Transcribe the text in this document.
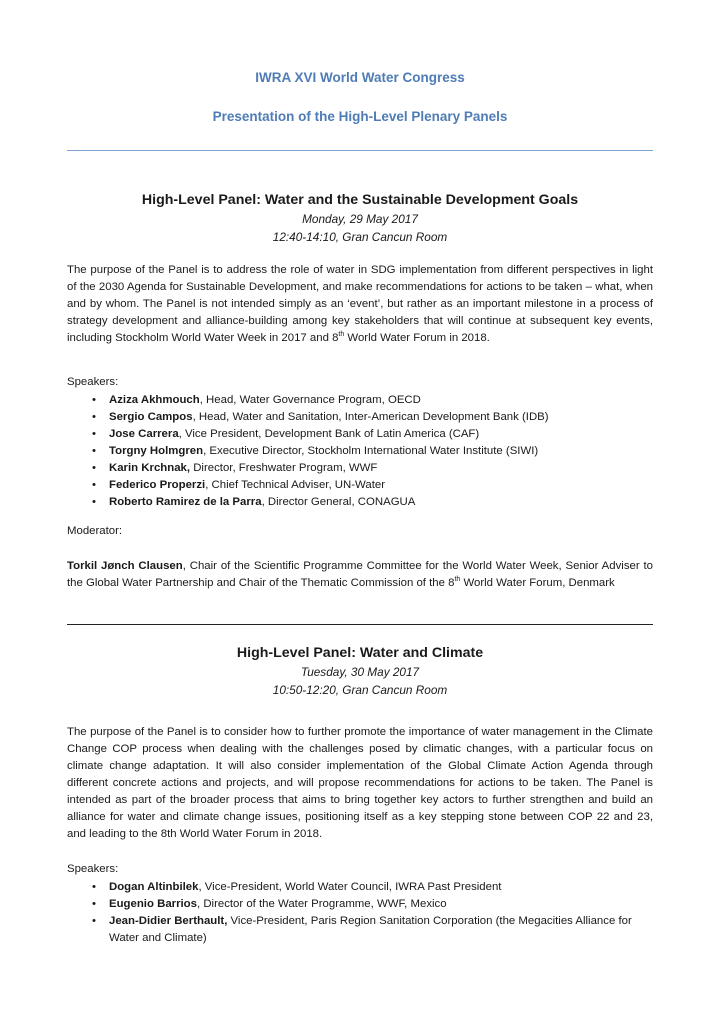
IWRA XVI World Water Congress
Presentation of the High-Level Plenary Panels

High-Level Panel: Water and the Sustainable Development Goals

Monday, 29 May 2017

12:40-14:10, Gran Cancun Room

The purpose of the Panel is to address the role of water in SDG implementation from different perspectives in light of the 2030 Agenda for Sustainable Development, and make recommendations for actions to be taken – what, when and by whom. The Panel is not intended simply as an ‘event’, but rather as an important milestone in a process of strategy development and alliance-building among key stakeholders that will continue at subsequent key events, including Stockholm World Water Week in 2017 and 8th World Water Forum in 2018.

Speakers:

• Aziza Akhmouch, Head, Water Governance Program, OECD
• Sergio Campos, Head, Water and Sanitation, Inter-American Development Bank (IDB)
• Jose Carrera, Vice President, Development Bank of Latin America (CAF)
• Torgny Holmgren, Executive Director, Stockholm International Water Institute (SIWI)
• Karin Krchnak, Director, Freshwater Program, WWF
• Federico Properzi, Chief Technical Adviser, UN-Water
• Roberto Ramirez de la Parra, Director General, CONAGUA

Moderator:

Torkil Jønch Clausen, Chair of the Scientific Programme Committee for the World Water Week, Senior Adviser to the Global Water Partnership and Chair of the Thematic Commission of the 8th World Water Forum, Denmark

High-Level Panel: Water and Climate

Tuesday, 30 May 2017

10:50-12:20, Gran Cancun Room

The purpose of the Panel is to consider how to further promote the importance of water management in the Climate Change COP process when dealing with the challenges posed by climatic changes, with a particular focus on climate change adaptation. It will also consider implementation of the Global Climate Action Agenda through different concrete actions and projects, and will propose recommendations for actions to be taken. The Panel is intended as part of the broader process that aims to bring together key actors to further strengthen and build an alliance for water and climate change issues, positioning itself as a key stepping stone between COP 22 and 23, and leading to the 8th World Water Forum in 2018.

Speakers:

• Dogan Altinbilek, Vice-President, World Water Council, IWRA Past President
• Eugenio Barrios, Director of the Water Programme, WWF, Mexico
• Jean-Didier Berthault, Vice-President, Paris Region Sanitation Corporation (the Megacities Alliance for Water and Climate)
